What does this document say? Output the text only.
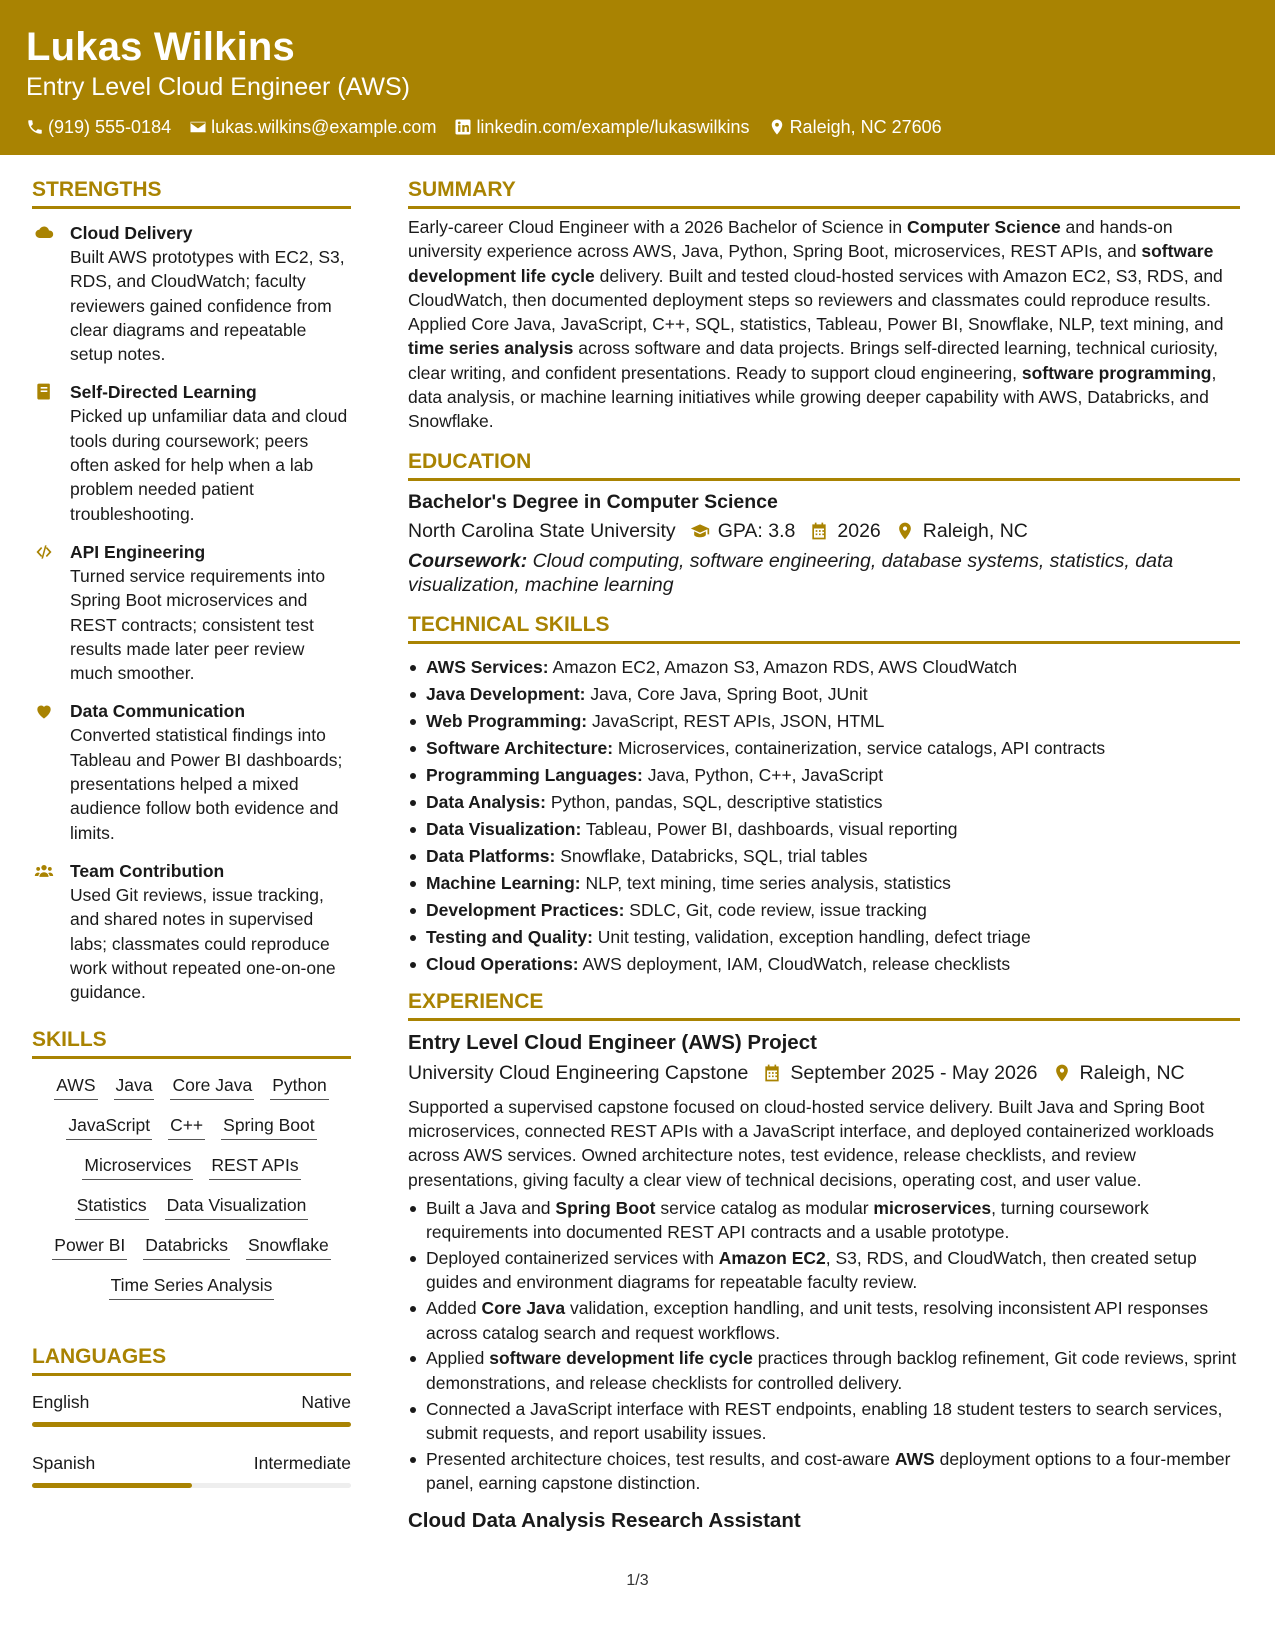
Lukas Wilkins
Entry Level Cloud Engineer (AWS)
(919) 555-0184 lukas.wilkins@example.com linkedin.com/example/lukaswilkins Raleigh, NC 27606
STRENGTHS
Cloud Delivery
Built AWS prototypes with EC2, S3, RDS, and CloudWatch; faculty reviewers gained confidence from clear diagrams and repeatable setup notes.
Self-Directed Learning
Picked up unfamiliar data and cloud tools during coursework; peers often asked for help when a lab problem needed patient troubleshooting.
API Engineering
Turned service requirements into Spring Boot microservices and REST contracts; consistent test results made later peer review much smoother.
Data Communication
Converted statistical findings into Tableau and Power BI dashboards; presentations helped a mixed audience follow both evidence and limits.
Team Contribution
Used Git reviews, issue tracking, and shared notes in supervised labs; classmates could reproduce work without repeated one-on-one guidance.
SKILLS
AWS Java Core Java Python
JavaScript C++ Spring Boot
Microservices REST APIs
Statistics Data Visualization
Power BI Databricks Snowflake
Time Series Analysis
LANGUAGES
English	Native
Spanish	Intermediate
SUMMARY
Early-career Cloud Engineer with a 2026 Bachelor of Science in Computer Science and hands-on university experience across AWS, Java, Python, Spring Boot, microservices, REST APIs, and software development life cycle delivery. Built and tested cloud-hosted services with Amazon EC2, S3, RDS, and CloudWatch, then documented deployment steps so reviewers and classmates could reproduce results. Applied Core Java, JavaScript, C++, SQL, statistics, Tableau, Power BI, Snowflake, NLP, text mining, and time series analysis across software and data projects. Brings self-directed learning, technical curiosity, clear writing, and confident presentations. Ready to support cloud engineering, software programming, data analysis, or machine learning initiatives while growing deeper capability with AWS, Databricks, and Snowflake.
EDUCATION
Bachelor's Degree in Computer Science
North Carolina State University GPA: 3.8 2026 Raleigh, NC
Coursework: Cloud computing, software engineering, database systems, statistics, data visualization, machine learning
TECHNICAL SKILLS
AWS Services: Amazon EC2, Amazon S3, Amazon RDS, AWS CloudWatch
Java Development: Java, Core Java, Spring Boot, JUnit
Web Programming: JavaScript, REST APIs, JSON, HTML
Software Architecture: Microservices, containerization, service catalogs, API contracts
Programming Languages: Java, Python, C++, JavaScript
Data Analysis: Python, pandas, SQL, descriptive statistics
Data Visualization: Tableau, Power BI, dashboards, visual reporting
Data Platforms: Snowflake, Databricks, SQL, trial tables
Machine Learning: NLP, text mining, time series analysis, statistics
Development Practices: SDLC, Git, code review, issue tracking
Testing and Quality: Unit testing, validation, exception handling, defect triage
Cloud Operations: AWS deployment, IAM, CloudWatch, release checklists
EXPERIENCE
Entry Level Cloud Engineer (AWS) Project
University Cloud Engineering Capstone September 2025 - May 2026 Raleigh, NC
Supported a supervised capstone focused on cloud-hosted service delivery. Built Java and Spring Boot microservices, connected REST APIs with a JavaScript interface, and deployed containerized workloads across AWS services. Owned architecture notes, test evidence, release checklists, and review presentations, giving faculty a clear view of technical decisions, operating cost, and user value.
Built a Java and Spring Boot service catalog as modular microservices, turning coursework requirements into documented REST API contracts and a usable prototype.
Deployed containerized services with Amazon EC2, S3, RDS, and CloudWatch, then created setup guides and environment diagrams for repeatable faculty review.
Added Core Java validation, exception handling, and unit tests, resolving inconsistent API responses across catalog search and request workflows.
Applied software development life cycle practices through backlog refinement, Git code reviews, sprint demonstrations, and release checklists for controlled delivery.
Connected a JavaScript interface with REST endpoints, enabling 18 student testers to search services, submit requests, and report usability issues.
Presented architecture choices, test results, and cost-aware AWS deployment options to a four-member panel, earning capstone distinction.
Cloud Data Analysis Research Assistant
1/3
